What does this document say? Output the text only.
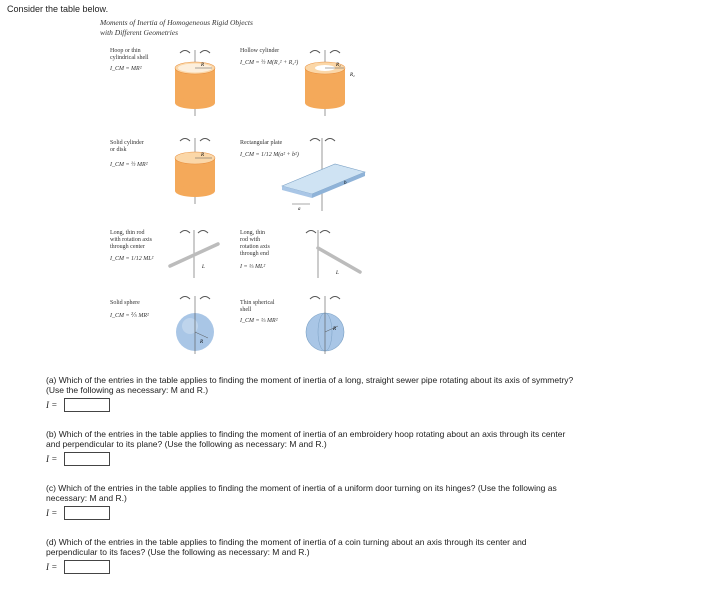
Consider the table below.
Moments of Inertia of Homogeneous Rigid Objects
with Different Geometries
Hoop or thin
cylindrical shell
I_CM = MR²
R
Hollow cylinder
I_CM = ½ M(R₁² + R₂²)	R₁
R₂
Solid cylinder
or disk
I_CM = ½ MR²
R
Rectangular plate
I_CM = 1/12 M(a² + b²)
a
b
Long, thin rod
with rotation axis
through center
I_CM = 1/12 ML²
L
Long, thin
rod with
rotation axis
through end
I = ⅓ ML²
L
Solid sphere
I_CM = ⅖ MR²
R
Thin spherical
shell
I_CM = ⅔ MR²
R
(a) Which of the entries in the table applies to finding the moment of inertia of a long, straight sewer pipe rotating about its axis of symmetry?
(Use the following as necessary: M and R.)
I =
(b) Which of the entries in the table applies to finding the moment of inertia of an embroidery hoop rotating about an axis through its center
and perpendicular to its plane? (Use the following as necessary: M and R.)
I =
(c) Which of the entries in the table applies to finding the moment of inertia of a uniform door turning on its hinges? (Use the following as
necessary: M and R.)
I =
(d) Which of the entries in the table applies to finding the moment of inertia of a coin turning about an axis through its center and
perpendicular to its faces? (Use the following as necessary: M and R.)
I =
